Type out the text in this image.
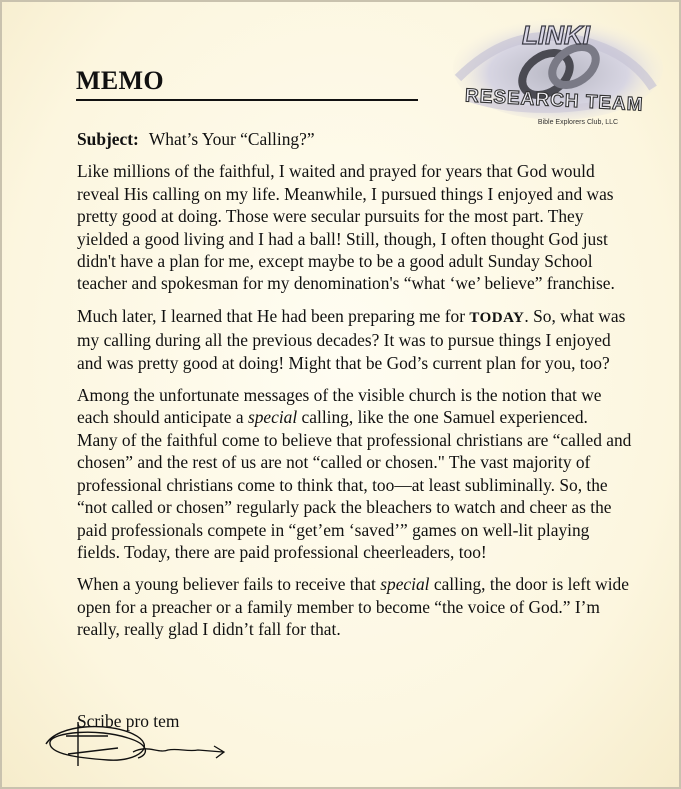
MEMO
LINKI
RESEARCH TEAM
Bible Explorers Club, LLC

Subject: What’s Your “Calling?”

Like millions of the faithful, I waited and prayed for years that God would reveal His calling on my life. Meanwhile, I pursued things I enjoyed and was pretty good at doing. Those were secular pursuits for the most part. They yielded a good living and I had a ball! Still, though, I often thought God just didn't have a plan for me, except maybe to be a good adult Sunday School teacher and spokesman for my denomination's “what ‘we’ believe” franchise.

Much later, I learned that He had been preparing me for TODAY. So, what was my calling during all the previous decades? It was to pursue things I enjoyed and was pretty good at doing! Might that be God’s current plan for you, too?

Among the unfortunate messages of the visible church is the notion that we each should anticipate a special calling, like the one Samuel experienced. Many of the faithful come to believe that professional christians are “called and chosen” and the rest of us are not “called or chosen." The vast majority of professional christians come to think that, too—at least subliminally. So, the “not called or chosen” regularly pack the bleachers to watch and cheer as the paid professionals compete in “get’em ‘saved’” games on well-lit playing fields. Today, there are paid professional cheerleaders, too!

When a young believer fails to receive that special calling, the door is left wide open for a preacher or a family member to become “the voice of God.” I’m really, really glad I didn’t fall for that.

Scribe pro tem
